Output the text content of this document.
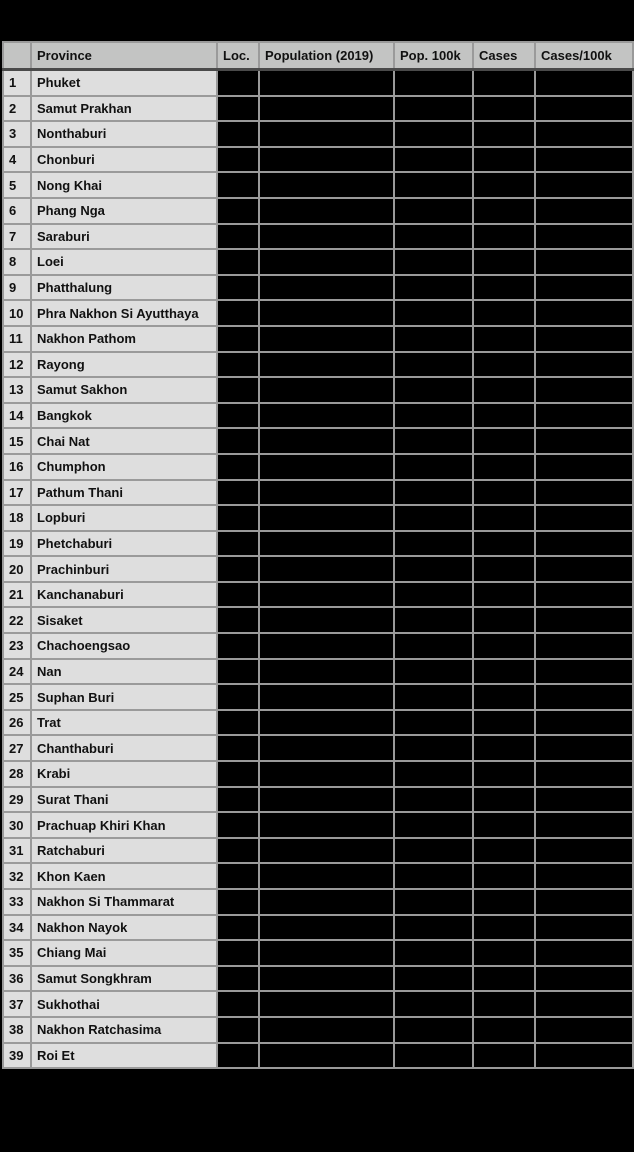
	Province	Loc.	Population (2019)	Pop. 100k	Cases	Cases/100k
1	Phuket					
2	Samut Prakhan					
3	Nonthaburi					
4	Chonburi					
5	Nong Khai					
6	Phang Nga					
7	Saraburi					
8	Loei					
9	Phatthalung					
10	Phra Nakhon Si Ayutthaya					
11	Nakhon Pathom					
12	Rayong					
13	Samut Sakhon					
14	Bangkok					
15	Chai Nat					
16	Chumphon					
17	Pathum Thani					
18	Lopburi					
19	Phetchaburi					
20	Prachinburi					
21	Kanchanaburi					
22	Sisaket					
23	Chachoengsao					
24	Nan					
25	Suphan Buri					
26	Trat					
27	Chanthaburi					
28	Krabi					
29	Surat Thani					
30	Prachuap Khiri Khan					
31	Ratchaburi					
32	Khon Kaen					
33	Nakhon Si Thammarat					
34	Nakhon Nayok					
35	Chiang Mai					
36	Samut Songkhram					
37	Sukhothai					
38	Nakhon Ratchasima					
39	Roi Et					
